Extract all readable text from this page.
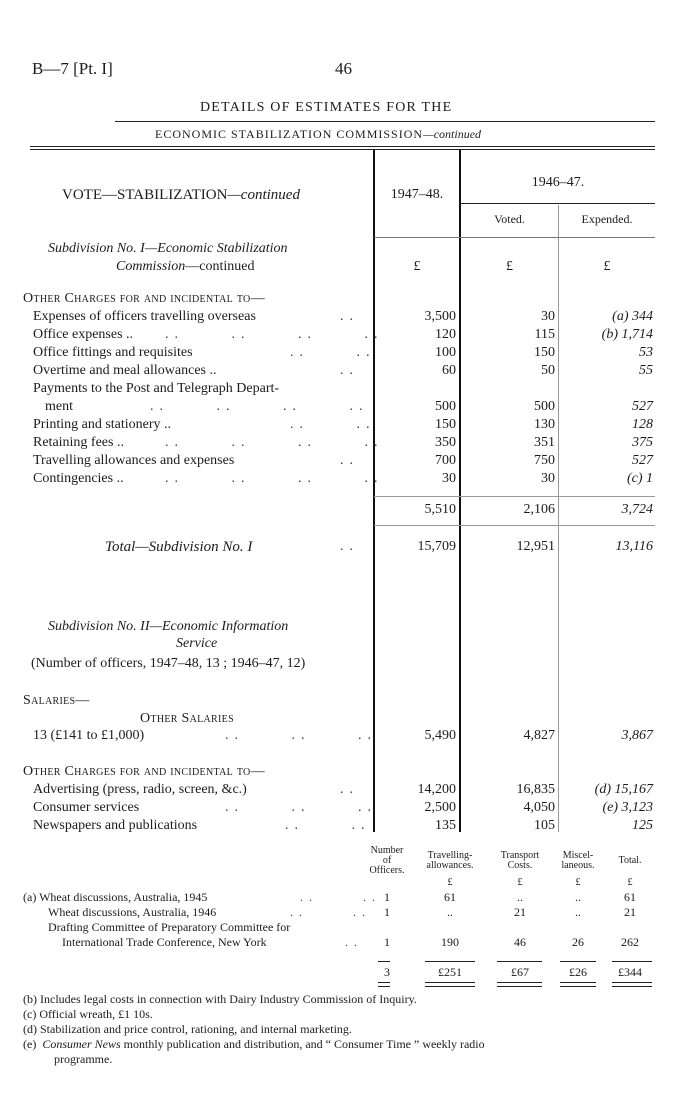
B—7 [Pt. I]	46
DETAILS OF ESTIMATES FOR THE
ECONOMIC STABILIZATION COMMISSION—continued
VOTE—STABILIZATION—continued	1947–48.
1946–47.
Voted.	Expended.
Subdivision No. I—Economic Stabilization
Commission—continued	£	£	£
Other Charges for and incidental to—
Expenses of officers travelling overseas	..	3,500	30	(a) 344
Office expenses .. ..     ..     ..     ..	120	115	(b) 1,714
Office fittings and requisites	..     ..	100	150	53
Overtime and meal allowances ..	..	60	50	55
Payments to the Post and Telegraph Depart-
ment	..     ..     ..     ..	500	500	527
Printing and stationery ..	..     ..	150	130	128
Retaining fees ..	..     ..     ..     ..	350	351	375
Travelling allowances and expenses	..	700	750	527
Contingencies ..	..     ..     ..     ..	30	30	(c) 1
5,510	2,106	3,724
Total—Subdivision No. I	..	15,709	12,951	13,116
Subdivision No. II—Economic Information
Service
(Number of officers, 1947–48, 13 ; 1946–47, 12)
Salaries—
Other Salaries
13 (£141 to £1,000)	..     ..     ..	5,490	4,827	3,867
Other Charges for and incidental to—
Advertising (press, radio, screen, &c.)	..	14,200	16,835	(d) 15,167
Consumer services	..     ..     ..	2,500	4,050	(e) 3,123
Newspapers and publications	..     ..	135	105	125
Number
of
Officers.
Travelling-
allowances.
Transport
Costs.
Miscel-
laneous.	Total.
£	£	£	£
(a) Wheat discussions, Australia, 1945	..     .. 1	61	..	..	61
Wheat discussions, Australia, 1946	..     ..	1	..	21	..	21
Drafting Committee of Preparatory Committee for
International Trade Conference, New York	..	1	190	46	26	262
3	£251	£67	£26	£344
(b) Includes legal costs in connection with Dairy Industry Commission of Inquiry.
(c) Official wreath, £1 10s.
(d) Stabilization and price control, rationing, and internal marketing.
(e) Consumer News monthly publication and distribution, and “ Consumer Time ” weekly radio
programme.
